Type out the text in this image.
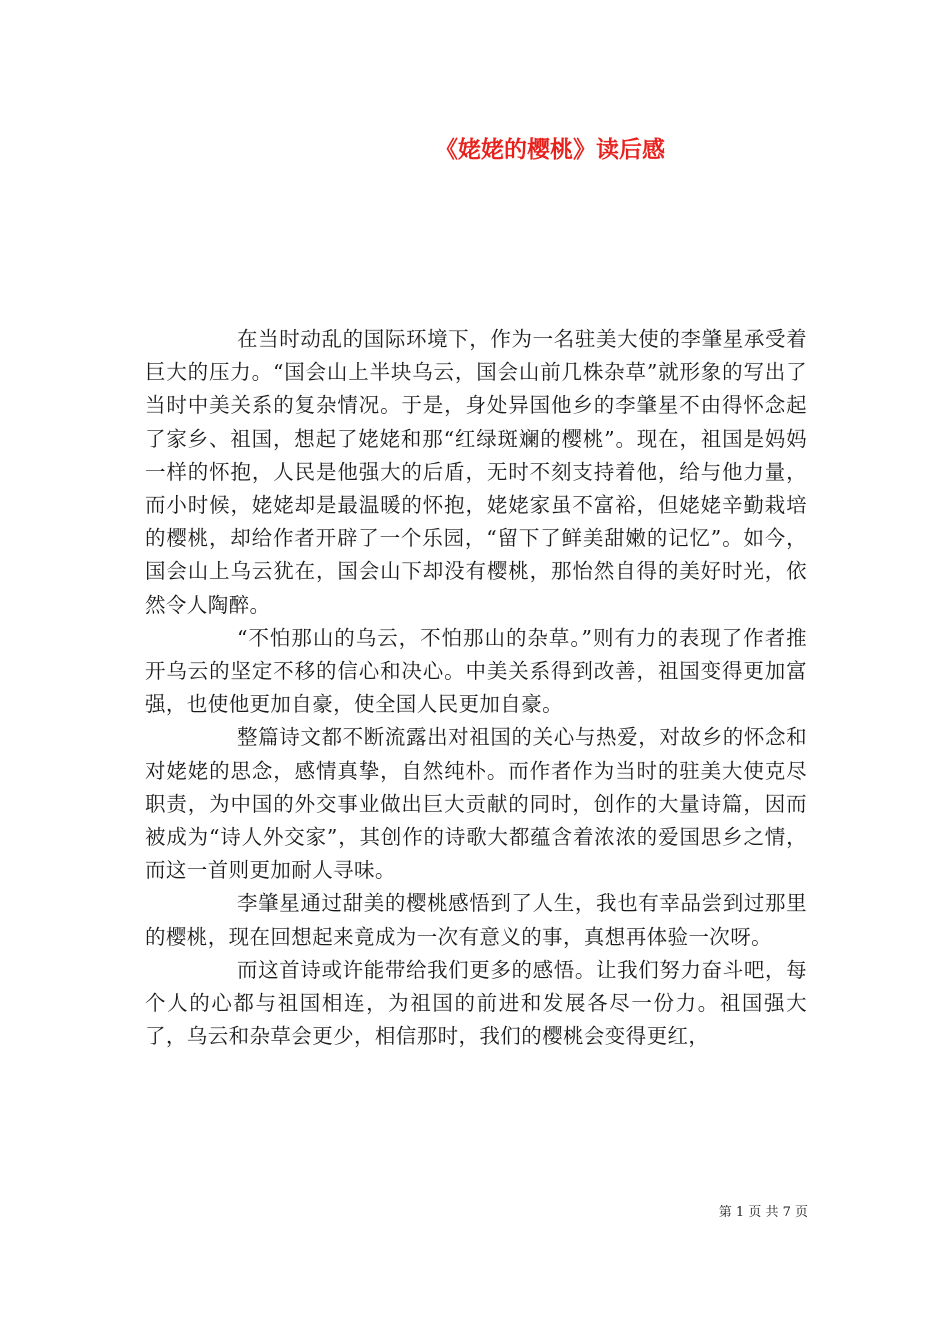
《姥姥的樱桃》读后感

在当时动乱的国际环境下，作为一名驻美大使的李肇星承受着巨大的压力。“国会山上半块乌云，国会山前几株杂草”就形象的写出了当时中美关系的复杂情况。于是，身处异国他乡的李肇星不由得怀念起了家乡、祖国，想起了姥姥和那“红绿斑斓的樱桃”。现在，祖国是妈妈一样的怀抱，人民是他强大的后盾，无时不刻支持着他，给与他力量，而小时候，姥姥却是最温暖的怀抱，姥姥家虽不富裕，但姥姥辛勤栽培的樱桃，却给作者开辟了一个乐园，“留下了鲜美甜嫩的记忆”。如今，国会山上乌云犹在，国会山下却没有樱桃，那怡然自得的美好时光，依然令人陶醉。

“不怕那山的乌云，不怕那山的杂草。”则有力的表现了作者推开乌云的坚定不移的信心和决心。中美关系得到改善，祖国变得更加富强，也使他更加自豪，使全国人民更加自豪。

整篇诗文都不断流露出对祖国的关心与热爱，对故乡的怀念和对姥姥的思念，感情真挚，自然纯朴。而作者作为当时的驻美大使克尽职责，为中国的外交事业做出巨大贡献的同时，创作的大量诗篇，因而被成为“诗人外交家”，其创作的诗歌大都蕴含着浓浓的爱国思乡之情，而这一首则更加耐人寻味。

李肇星通过甜美的樱桃感悟到了人生，我也有幸品尝到过那里的樱桃，现在回想起来竟成为一次有意义的事，真想再体验一次呀。

而这首诗或许能带给我们更多的感悟。让我们努力奋斗吧，每个人的心都与祖国相连，为祖国的前进和发展各尽一份力。祖国强大了，乌云和杂草会更少，相信那时，我们的樱桃会变得更红，

第 1 页 共 7 页
